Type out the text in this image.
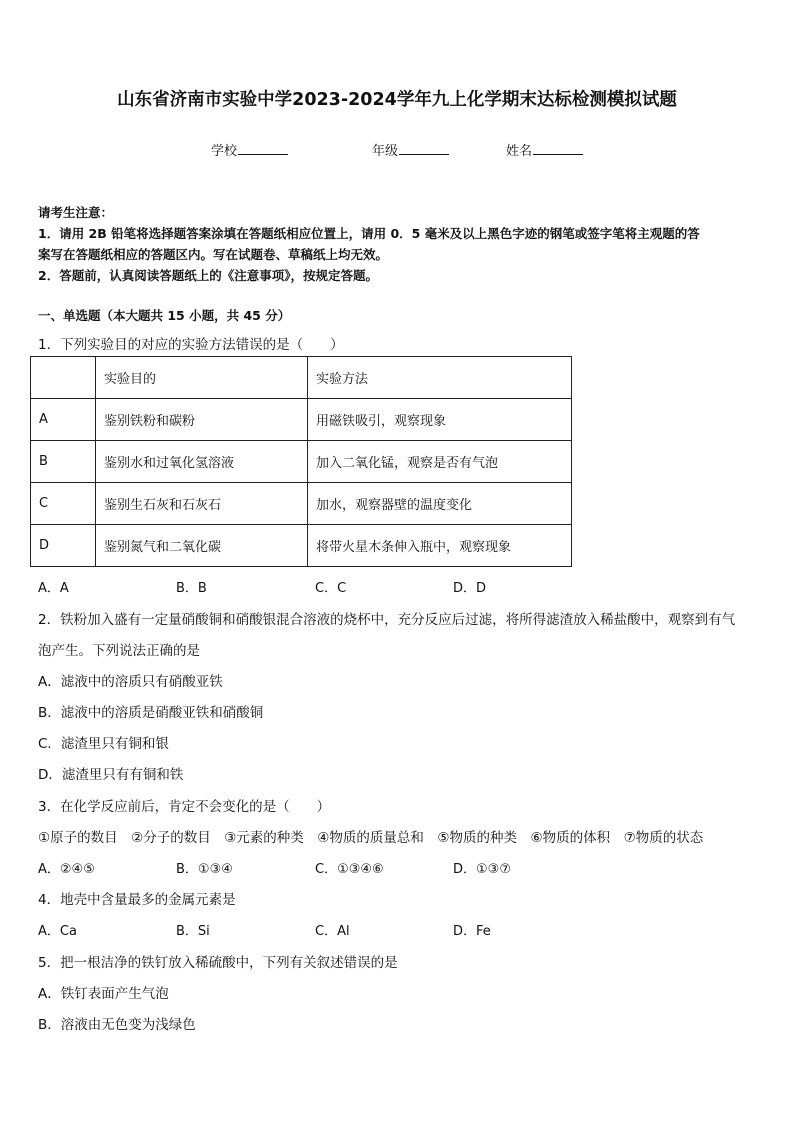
山东省济南市实验中学2023-2024学年九上化学期末达标检测模拟试题
学校	年级	姓名
请考生注意：
1．请用 2B 铅笔将选择题答案涂填在答题纸相应位置上，请用 0．5 毫米及以上黑色字迹的钢笔或签字笔将主观题的答
案写在答题纸相应的答题区内。写在试题卷、草稿纸上均无效。
2．答题前，认真阅读答题纸上的《注意事项》，按规定答题。
一、单选题（本大题共 15 小题，共 45 分）
1．下列实验目的对应的实验方法错误的是（　　）
	实验目的	实验方法
A	鉴别铁粉和碳粉	用磁铁吸引，观察现象
B	鉴别水和过氧化氢溶液	加入二氧化锰，观察是否有气泡
C	鉴别生石灰和石灰石	加水，观察器壁的温度变化
D	鉴别氮气和二氧化碳	将带火星木条伸入瓶中，观察现象
A．A	B．B	C．C	D．D
2．铁粉加入盛有一定量硝酸铜和硝酸银混合溶液的烧杯中，充分反应后过滤，将所得滤渣放入稀盐酸中，观察到有气
泡产生。下列说法正确的是
A．滤液中的溶质只有硝酸亚铁
B．滤液中的溶质是硝酸亚铁和硝酸铜
C．滤渣里只有铜和银
D．滤渣里只有有铜和铁
3．在化学反应前后，肯定不会变化的是（　　）
①原子的数目　②分子的数目　③元素的种类　④物质的质量总和　⑤物质的种类　⑥物质的体积　⑦物质的状态
A．②④⑤	B．①③④	C．①③④⑥	D．①③⑦
4．地壳中含量最多的金属元素是
A．Ca	B．Si	C．Al	D．Fe
5．把一根洁净的铁钉放入稀硫酸中，下列有关叙述错误的是
A．铁钉表面产生气泡
B．溶液由无色变为浅绿色
